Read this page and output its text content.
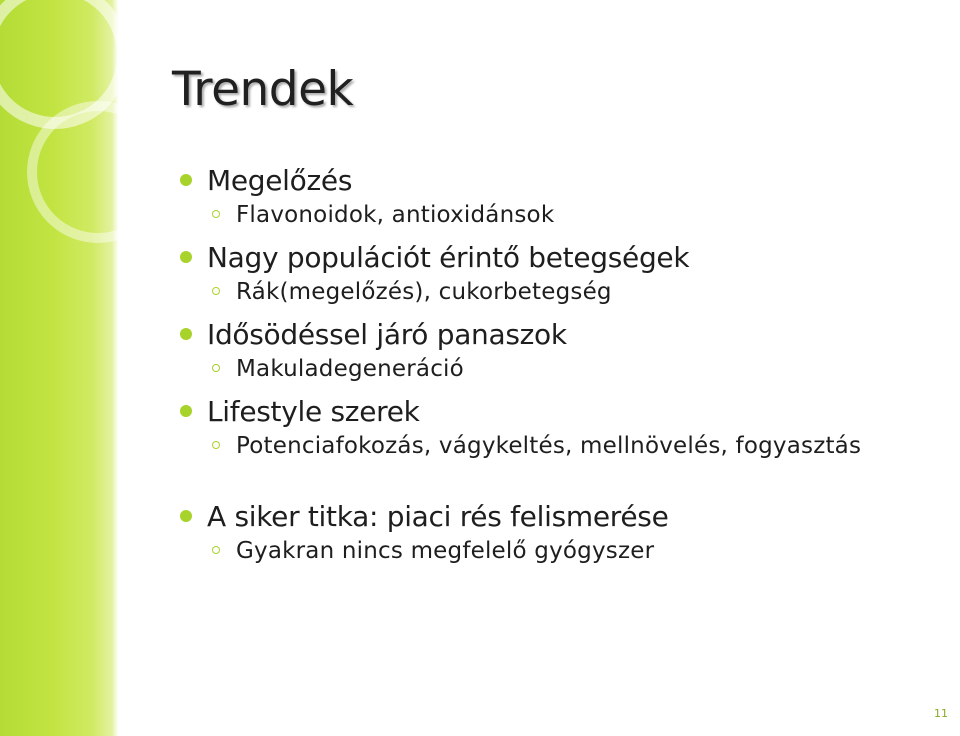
Trendek
Megelőzés
Flavonoidok, antioxidánsok
Nagy populációt érintő betegségek
Rák(megelőzés), cukorbetegség
Idősödéssel járó panaszok
Makuladegeneráció
Lifestyle szerek
Potenciafokozás, vágykeltés, mellnövelés, fogyasztás
A siker titka: piaci rés felismerése
Gyakran nincs megfelelő gyógyszer
11
